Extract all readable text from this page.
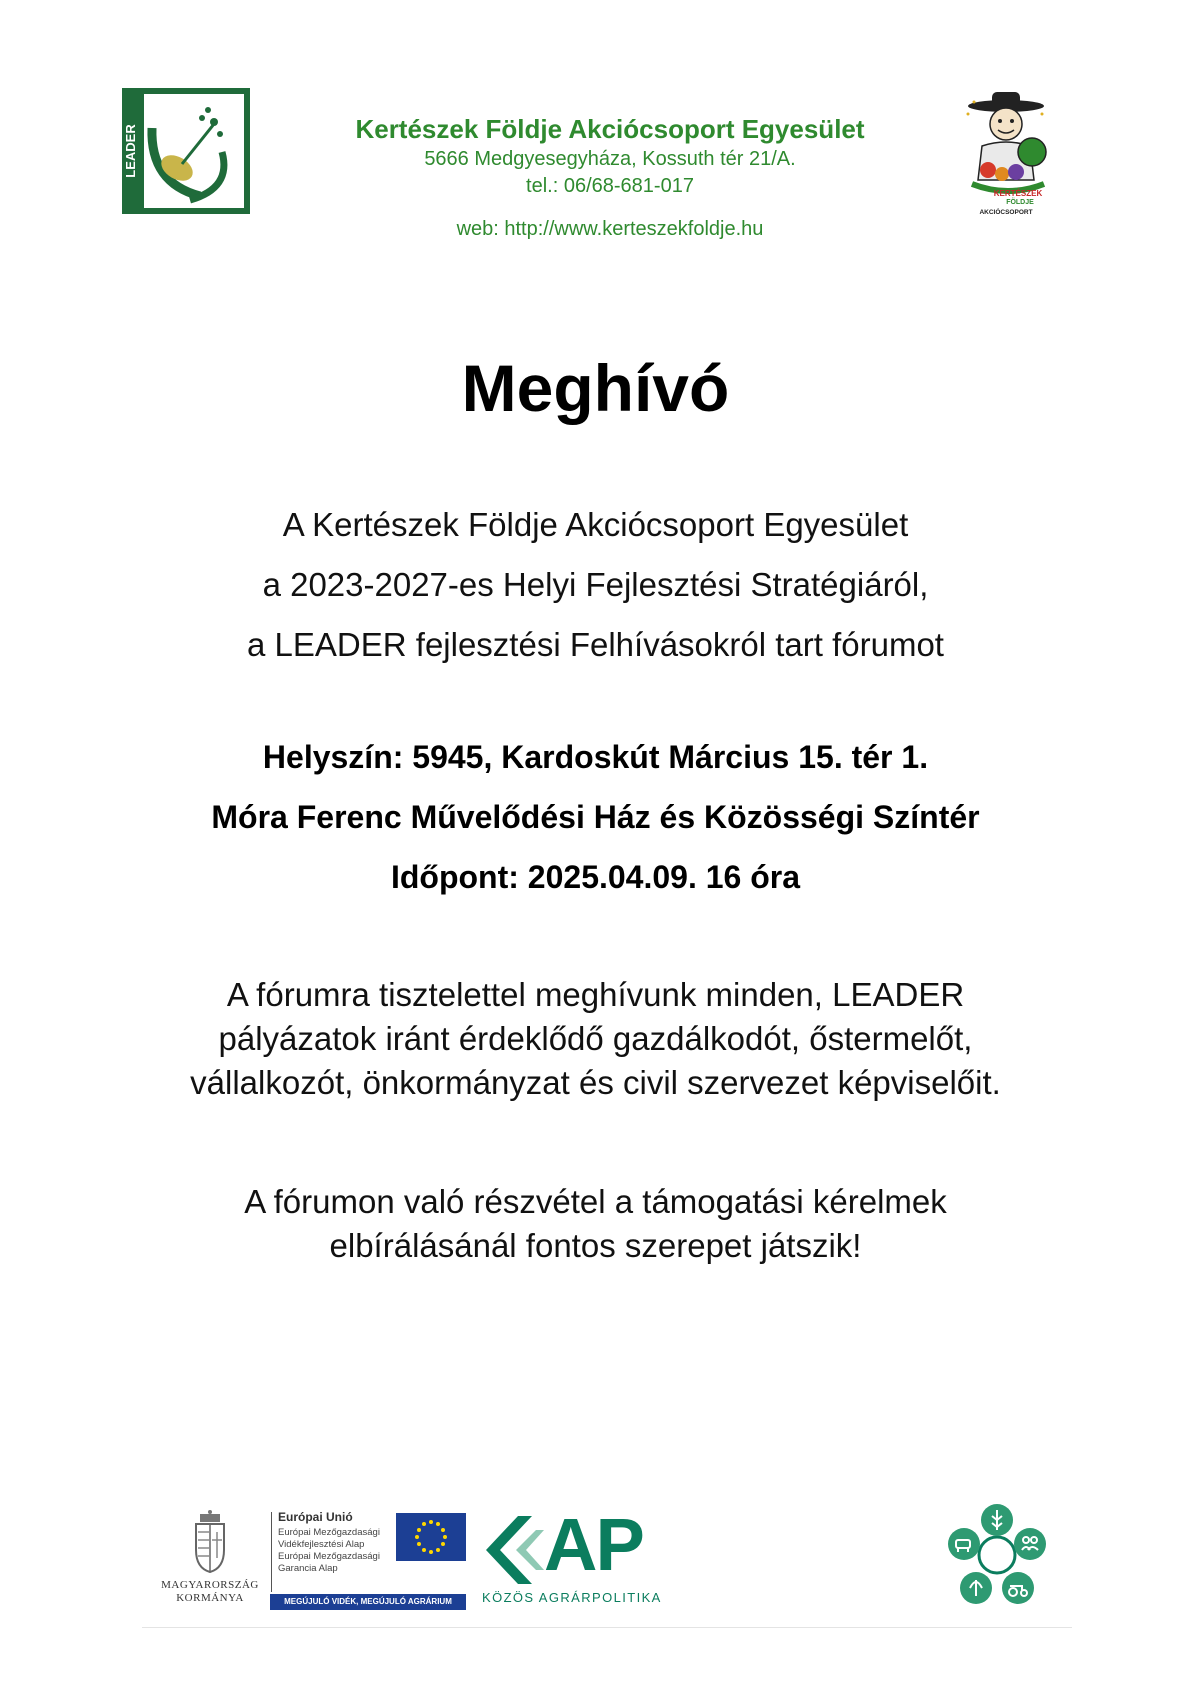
LEADER	Kertészek Földje Akciócsoport Egyesület
5666 Medgyesegyháza, Kossuth tér 21/A.
tel.: 06/68-681-017
web: http://www.kerteszekfoldje.hu
KERTÉSZEK
FÖLDJE
AKCIÓCSOPORT
Meghívó
A Kertészek Földje Akciócsoport Egyesület
a 2023-2027-es Helyi Fejlesztési Stratégiáról,
a LEADER fejlesztési Felhívásokról tart fórumot
Helyszín: 5945, Kardoskút Március 15. tér 1.
Móra Ferenc Művelődési Ház és Közösségi Színtér
Időpont: 2025.04.09. 16 óra
A fórumra tisztelettel meghívunk minden, LEADER
pályázatok iránt érdeklődő gazdálkodót, őstermelőt,
vállalkozót, önkormányzat és civil szervezet képviselőit.
A fórumon való részvétel a támogatási kérelmek
elbírálásánál fontos szerepet játszik!
MAGYARORSZÁG
KORMÁNYA
Európai Unió
Európai Mezőgazdasági
Vidékfejlesztési Alap
Európai Mezőgazdasági
Garancia Alap
MEGÚJULÓ VIDÉK, MEGÚJULÓ AGRÁRIUM
AP
KÖZÖS AGRÁRPOLITIKA
